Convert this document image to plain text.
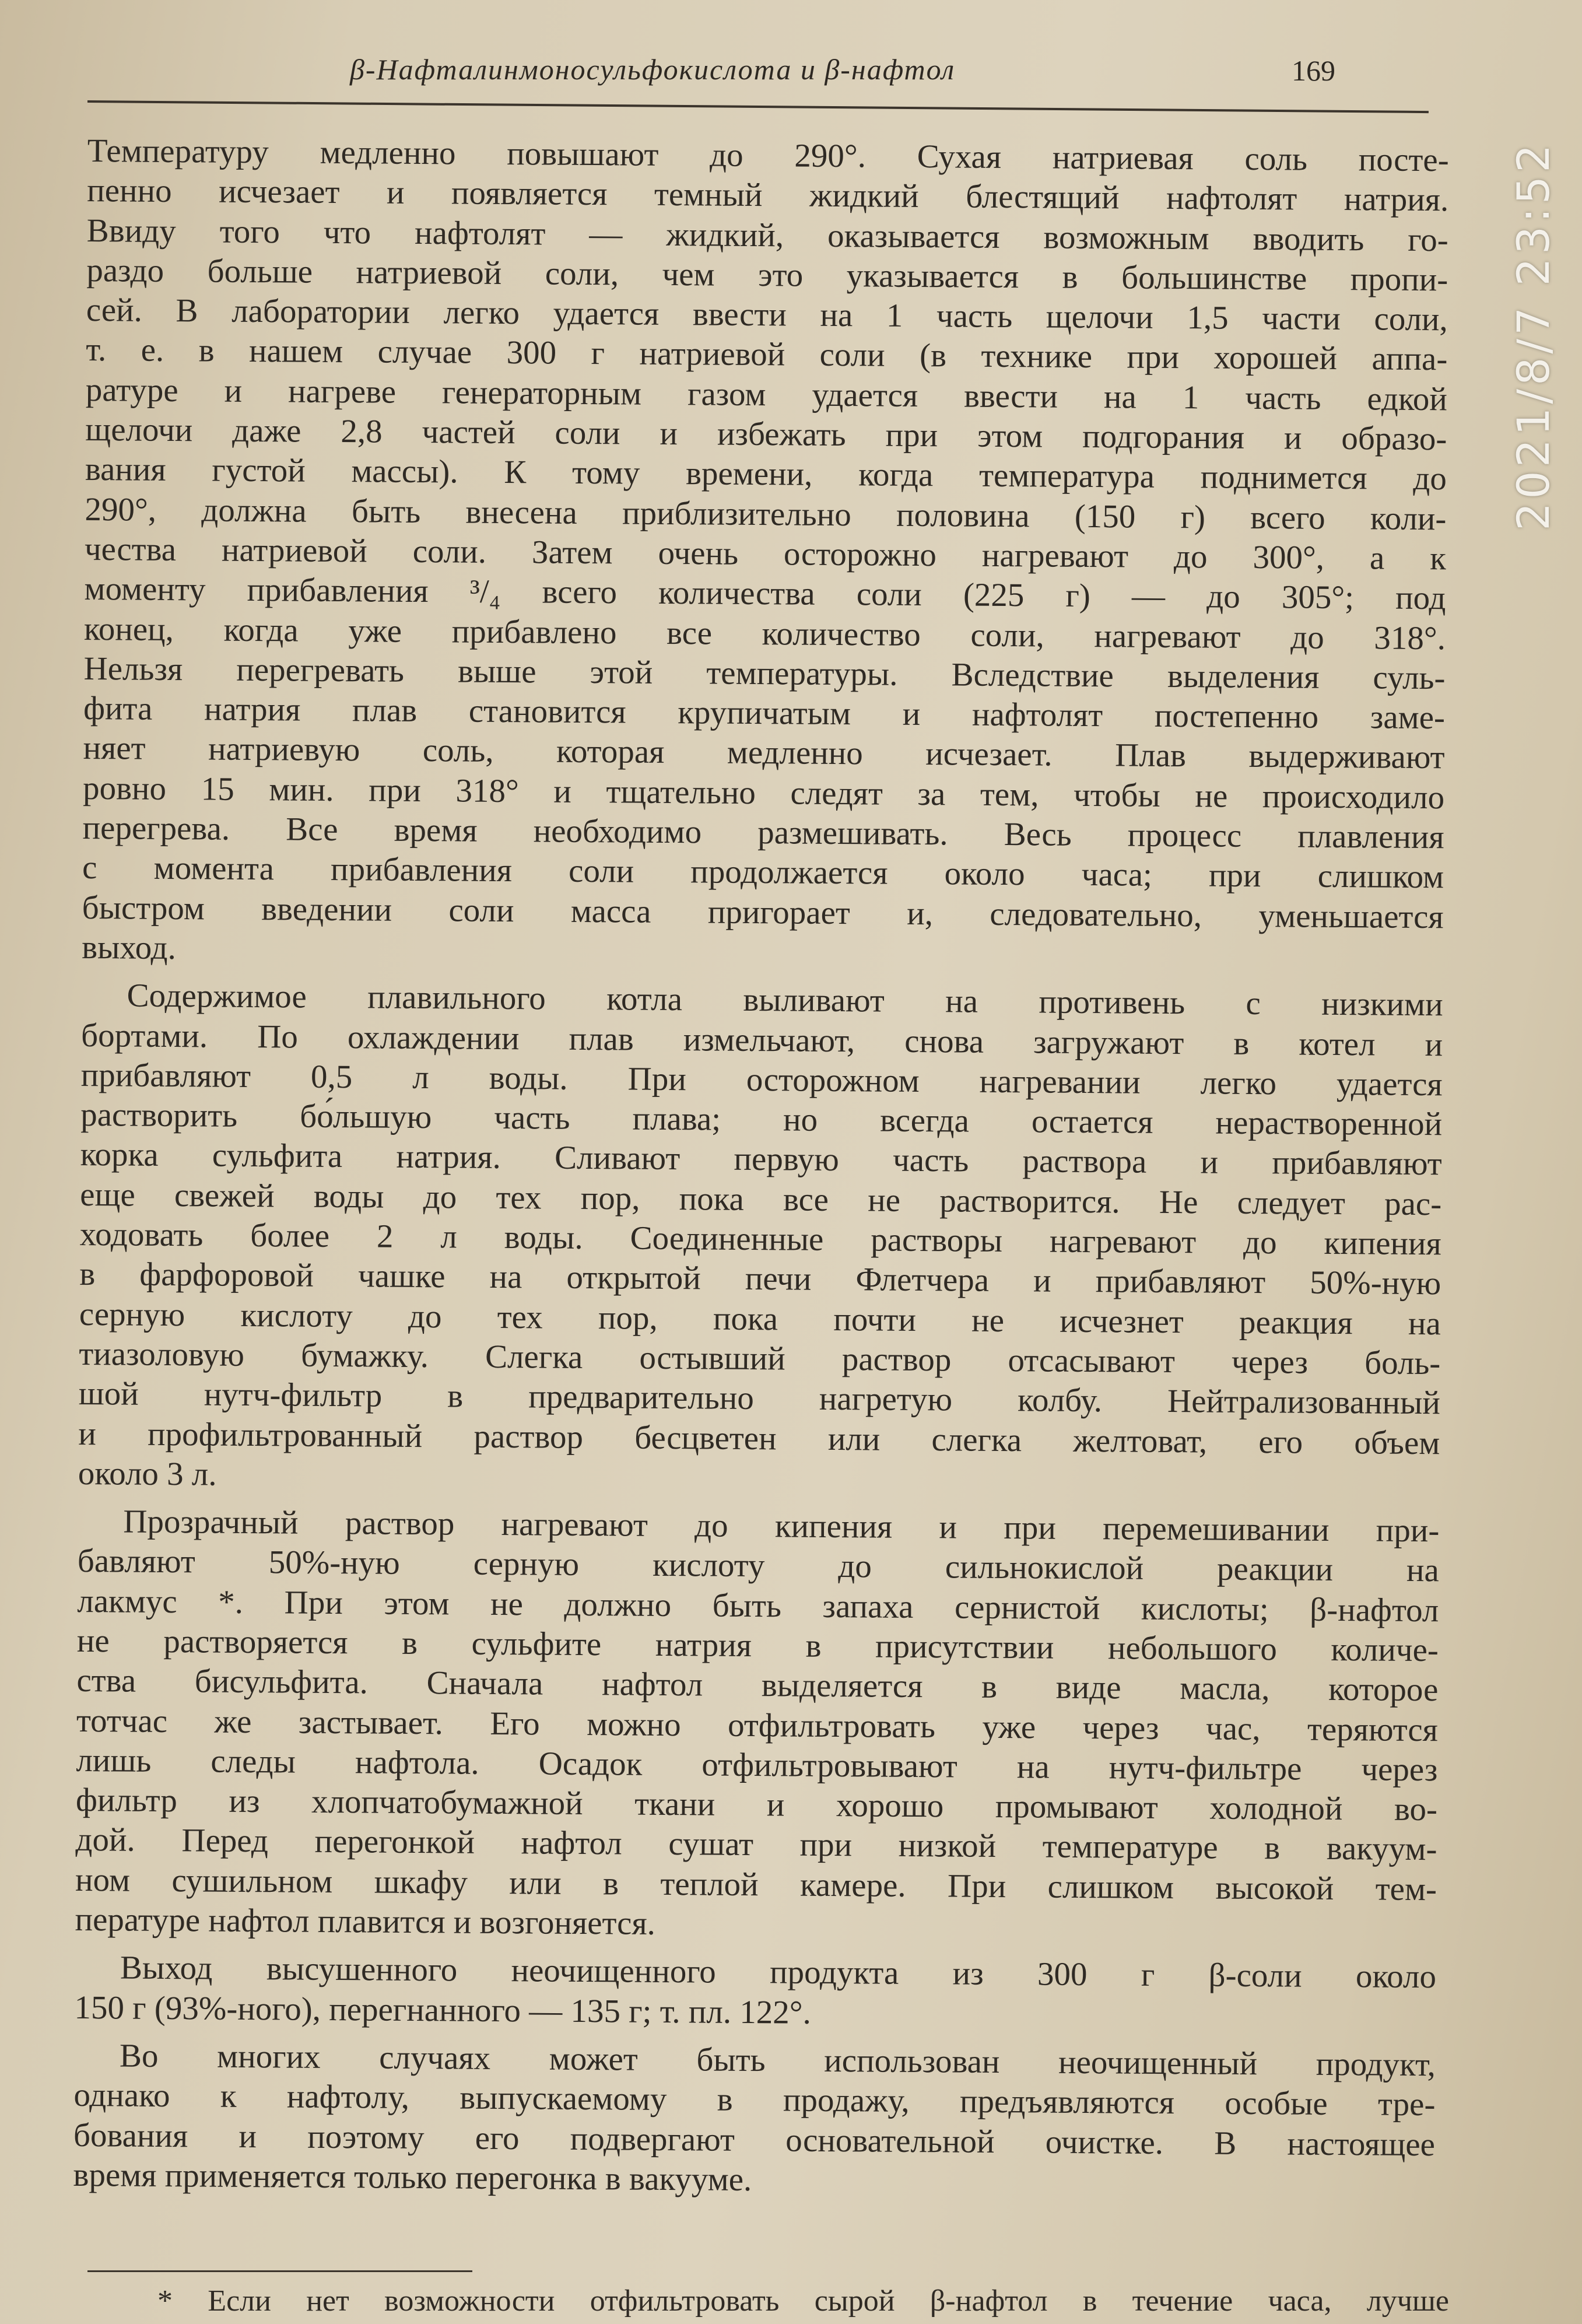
β-Нафталинмоносульфокислота и β-нафтол	169
Температуру медленно повышают до 290°. Сухая натриевая соль посте-
пенно исчезает и появляется темный жидкий блестящий нафтолят натрия.
Ввиду того что нафтолят — жидкий, оказывается возможным вводить го-
раздо больше натриевой соли, чем это указывается в большинстве пропи-
сей. В лаборатории легко удается ввести на 1 часть щелочи 1,5 части соли,
т. е. в нашем случае 300 г натриевой соли (в технике при хорошей аппа-
ратуре и нагреве генераторным газом удается ввести на 1 часть едкой
щелочи даже 2,8 частей соли и избежать при этом подгорания и образо-
вания густой массы). К тому времени, когда температура поднимется до
290°, должна быть внесена приблизительно половина (150 г) всего коли-
чества натриевой соли. Затем очень осторожно нагревают до 300°, а к
моменту прибавления ³/₄ всего количества соли (225 г) — до 305°; под
конец, когда уже прибавлено все количество соли, нагревают до 318°.
Нельзя перегревать выше этой температуры. Вследствие выделения суль-
фита натрия плав становится крупичатым и нафтолят постепенно заме-
няет натриевую соль, которая медленно исчезает. Плав выдерживают
ровно 15 мин. при 318° и тщательно следят за тем, чтобы не происходило
перегрева. Все время необходимо размешивать. Весь процесс плавления
с момента прибавления соли продолжается около часа; при слишком
быстром введении соли масса пригорает и, следовательно, уменьшается
выход.
Содержимое плавильного котла выливают на противень с низкими
бортами. По охлаждении плав измельчают, снова загружают в котел и
прибавляют 0,5 л воды. При осторожном нагревании легко удается
растворить бо́льшую часть плава; но всегда остается нерастворенной
корка сульфита натрия. Сливают первую часть раствора и прибавляют
еще свежей воды до тех пор, пока все не растворится. Не следует рас-
ходовать более 2 л воды. Соединенные растворы нагревают до кипения
в фарфоровой чашке на открытой печи Флетчера и прибавляют 50%-ную
серную кислоту до тех пор, пока почти не исчезнет реакция на
тиазоловую бумажку. Слегка остывший раствор отсасывают через боль-
шой нутч-фильтр в предварительно нагретую колбу. Нейтрализованный
и профильтрованный раствор бесцветен или слегка желтоват, его объем
около 3 л.
Прозрачный раствор нагревают до кипения и при перемешивании при-
бавляют 50%-ную серную кислоту до сильнокислой реакции на
лакмус *. При этом не должно быть запаха сернистой кислоты; β-нафтол
не растворяется в сульфите натрия в присутствии небольшого количе-
ства бисульфита. Сначала нафтол выделяется в виде масла, которое
тотчас же застывает. Его можно отфильтровать уже через час, теряются
лишь следы нафтола. Осадок отфильтровывают на нутч-фильтре через
фильтр из хлопчатобумажной ткани и хорошо промывают холодной во-
дой. Перед перегонкой нафтол сушат при низкой температуре в вакуум-
ном сушильном шкафу или в теплой камере. При слишком высокой тем-
пературе нафтол плавится и возгоняется.
Выход высушенного неочищенного продукта из 300 г β-соли около
150 г (93%-ного), перегнанного — 135 г; т. пл. 122°.
Во многих случаях может быть использован неочищенный продукт,
однако к нафтолу, выпускаемому в продажу, предъявляются особые тре-
бования и поэтому его подвергают основательной очистке. В настоящее
время применяется только перегонка в вакууме.
* Если нет возможности отфильтровать сырой β-нафтол в течение часа, лучше
2021/8/7 23:52
